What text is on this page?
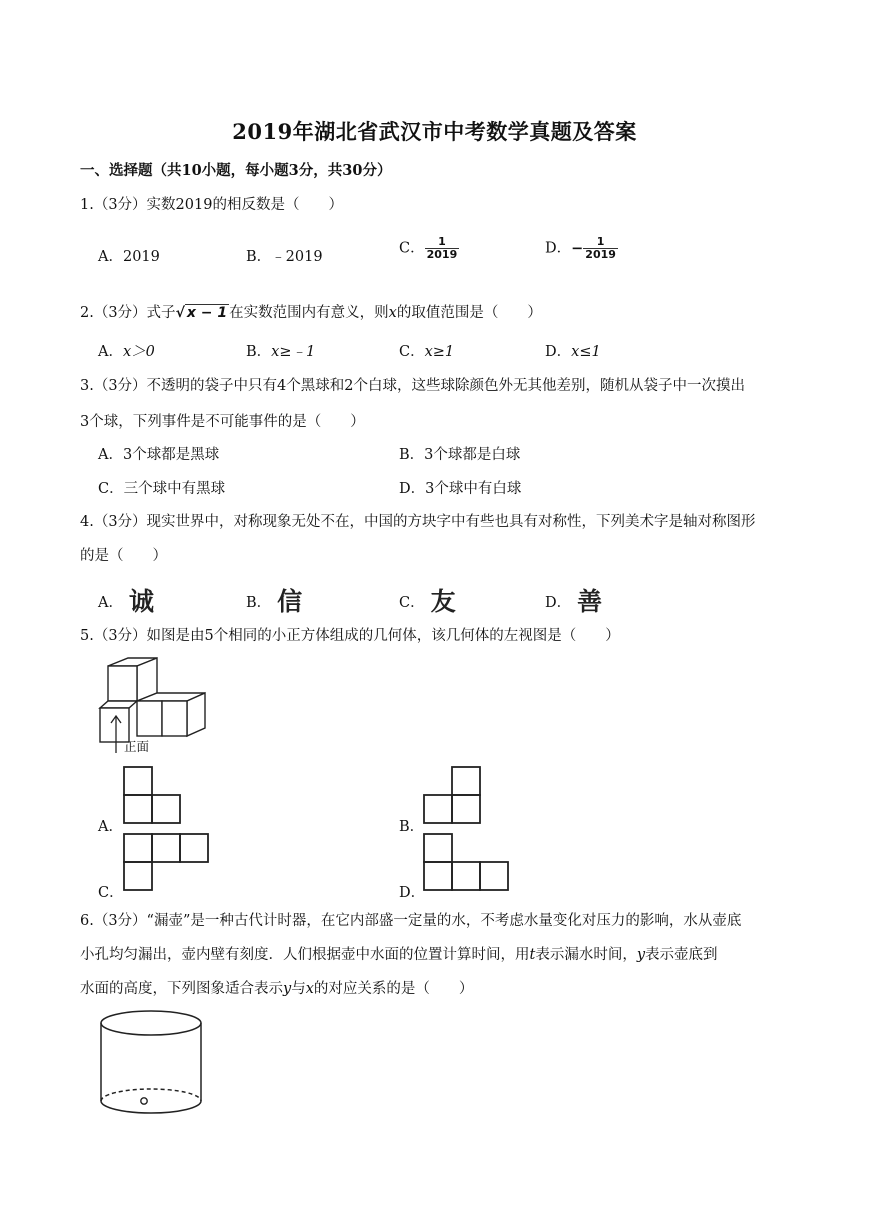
2019年湖北省武汉市中考数学真题及答案
一、选择题（共10小题，每小题3分，共30分）
1.（3分）实数2019的相反数是（　　）
A．2019	B．﹣2019
C． $\frac{1}{2019}$	D．− $\frac{1}{2019}$
2.（3分）式子√ x − 1 在实数范围内有意义，则x的取值范围是（　　）
A．x＞0	B．x≥﹣1	C．x≥1	D．x≤1
3.（3分）不透明的袋子中只有4个黑球和2个白球，这些球除颜色外无其他差别，随机从袋子中一次摸出
3个球，下列事件是不可能事件的是（　　）
A．3个球都是黑球	B．3个球都是白球
C．三个球中有黑球	D．3个球中有白球
4.（3分）现实世界中，对称现象无处不在，中国的方块字中有些也具有对称性，下列美术字是轴对称图形
的是（　　）
A． 诚	B． 信	C． 友	D． 善
5.（3分）如图是由5个相同的小正方体组成的几何体，该几何体的左视图是（　　）
正面
A．	B．
C．	D．
6.（3分）“漏壶”是一种古代计时器，在它内部盛一定量的水，不考虑水量变化对压力的影响，水从壶底
小孔均匀漏出，壶内壁有刻度．人们根据壶中水面的位置计算时间，用t表示漏水时间，y表示壶底到
水面的高度，下列图象适合表示y与x的对应关系的是（　　）
